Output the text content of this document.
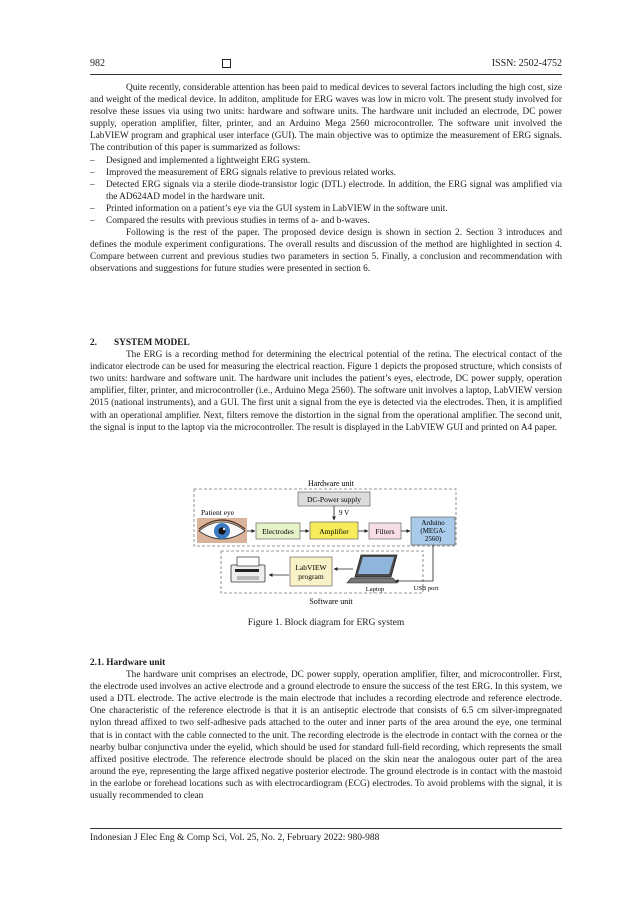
982	ISSN: 2502-4752

Quite recently, considerable attention has been paid to medical devices to several factors including the high cost, size and weight of the medical device. In additon, amplitude for ERG waves was low in micro volt. The present study involved for resolve these issues via using two units: hardware and software units. The hardware unit included an electrode, DC power supply, operation amplifier, filter, printer, and an Arduino Mega 2560 microcontroller. The software unit involved the LabVIEW program and graphical user interface (GUI). The main objective was to optimize the measurement of ERG signals. The contribution of this paper is summarized as follows:

– Designed and implemented a lightweight ERG system.
– Improved the measurement of ERG signals relative to previous related works.
– Detected ERG signals via a sterile diode-transistor logic (DTL) electrode. In addition, the ERG signal was amplified via the AD624AD model in the hardware unit.
– Printed information on a patient’s eye via the GUI system in LabVIEW in the software unit.
– Compared the results with previous studies in terms of a- and b-waves.

Following is the rest of the paper. The proposed device design is shown in section 2. Section 3 introduces and defines the module experiment configurations. The overall results and discussion of the method are highlighted in section 4. Compare between current and previous studies two parameters in section 5. Finally, a conclusion and recommendation with observations and suggestions for future studies were presented in section 6.

2. SYSTEM MODEL

The ERG is a recording method for determining the electrical potential of the retina. The electrical contact of the indicator electrode can be used for measuring the electrical reaction. Figure 1 depicts the proposed structure, which consists of two units: hardware and software unit. The hardware unit includes the patient’s eyes, electrode, DC power supply, operation amplifier, filter, printer, and microcontroller (i.e., Arduino Mega 2560). The software unit involves a laptop, LabVIEW version 2015 (national instruments), and a GUI. The first unit a signal from the eye is detected via the electrodes. Then, it is amplified with an operational amplifier. Next, filters remove the distortion in the signal from the operational amplifier. The second unit, the signal is input to the laptop via the microcontroller. The result is displayed in the LabVIEW GUI and printed on A4 paper.

Hardware unit
DC-Power supply
9 V
Patient eye
Electrodes	Amplifier	Filters
Arduino
(MEGA-
2560)
Software unit
LabVIEW
program
Laptop	USB port
Figure 1. Block diagram for ERG system
2.1. Hardware unit

The hardware unit comprises an electrode, DC power supply, operation amplifier, filter, and microcontroller. First, the electrode used involves an active electrode and a ground electrode to ensure the success of the test ERG. In this system, we used a DTL electrode. The active electrode is the main electrode that includes a recording electrode and reference electrode. One characteristic of the reference electrode is that it is an antiseptic electrode that consists of 6.5 cm silver-impregnated nylon thread affixed to two self-adhesive pads attached to the outer and inner parts of the area around the eye, one terminal that is in contact with the cable connected to the unit. The recording electrode is the electrode in contact with the cornea or the nearby bulbar conjunctiva under the eyelid, which should be used for standard full-field recording, which represents the small affixed positive electrode. The reference electrode should be placed on the skin near the analogous outer part of the area around the eye, representing the large affixed negative posterior electrode. The ground electrode is in contact with the mastoid in the earlobe or forehead locations such as with electrocardiogram (ECG) electrodes. To avoid problems with the signal, it is usually recommended to clean

Indonesian J Elec Eng & Comp Sci, Vol. 25, No. 2, February 2022: 980-988
